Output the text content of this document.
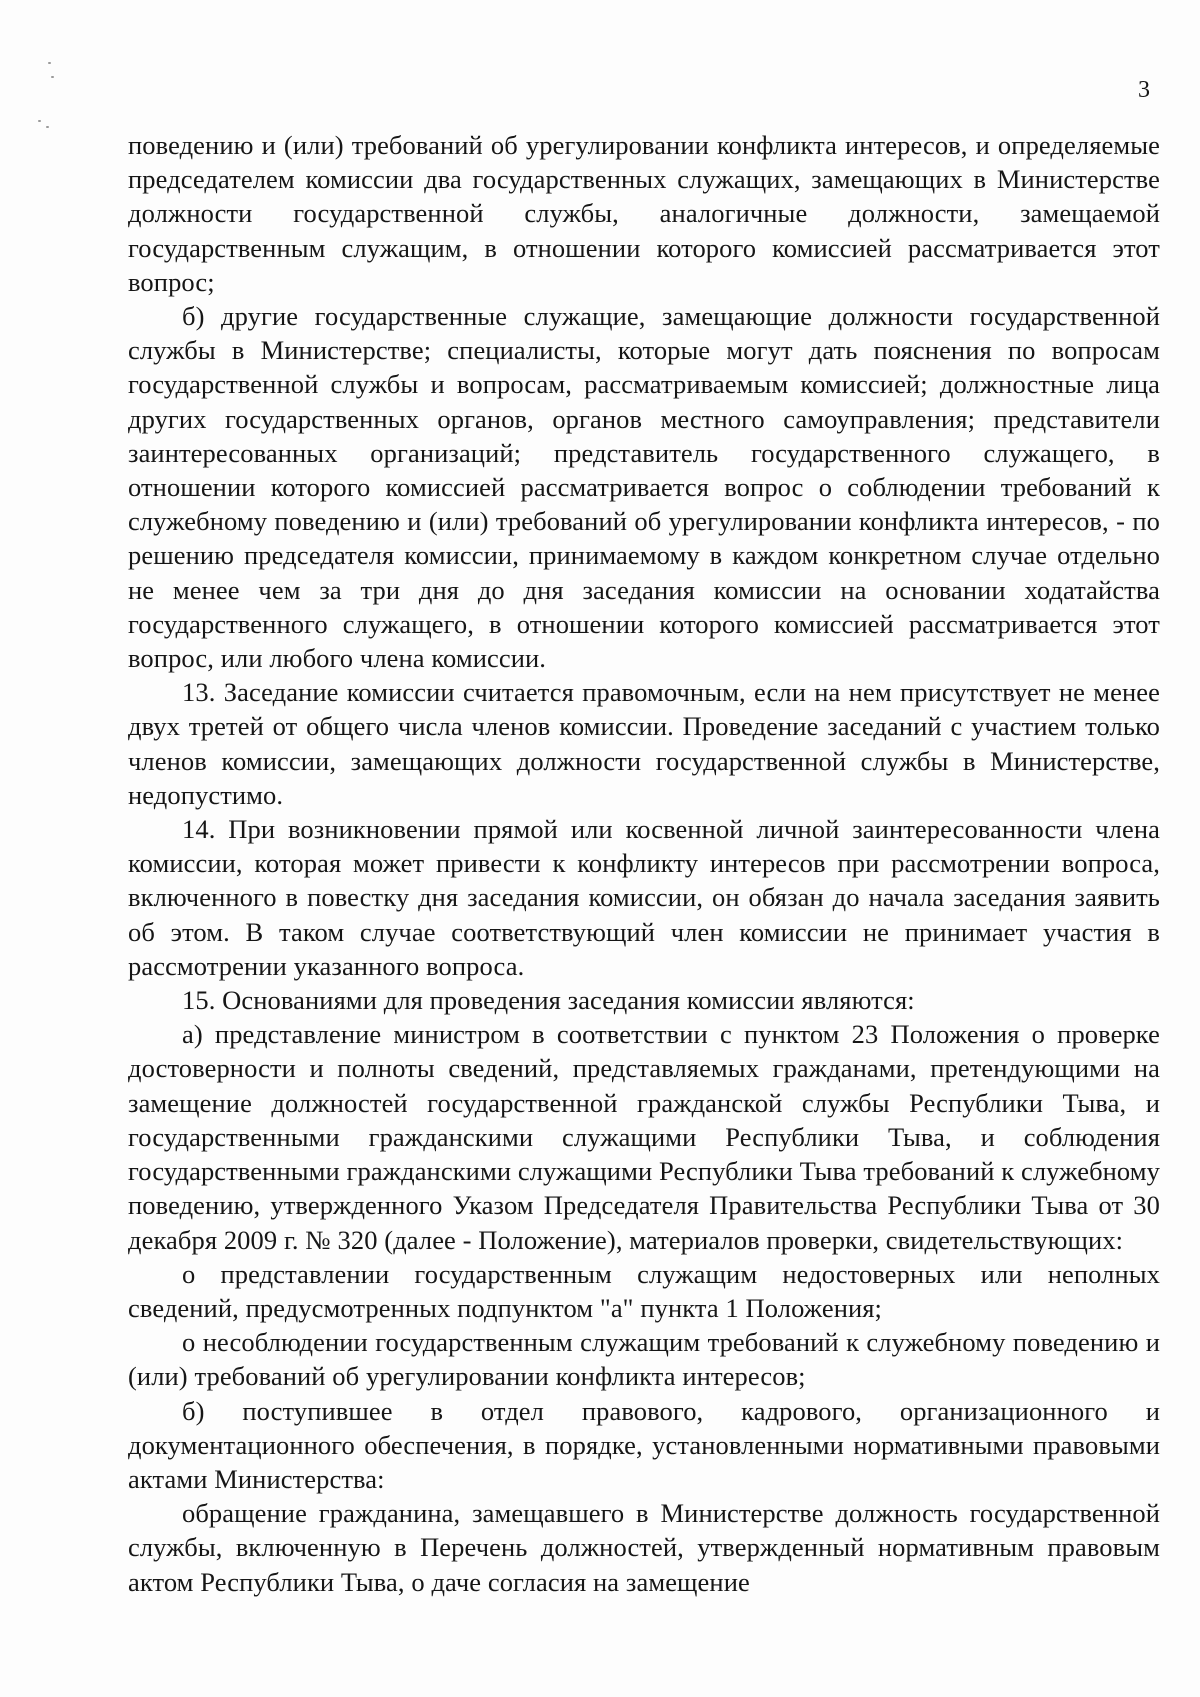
3

поведению и (или) требований об урегулировании конфликта интересов, и определяемые председателем комиссии два государственных служащих, замещающих в Министерстве должности государственной службы, аналогичные должности, замещаемой государственным служащим, в отношении которого комиссией рассматривается этот вопрос;

б) другие государственные служащие, замещающие должности государственной службы в Министерстве; специалисты, которые могут дать пояснения по вопросам государственной службы и вопросам, рассматриваемым комиссией; должностные лица других государственных органов, органов местного самоуправления; представители заинтересованных организаций; представитель государственного служащего, в отношении которого комиссией рассматривается вопрос о соблюдении требований к служебному поведению и (или) требований об урегулировании конфликта интересов, - по решению председателя комиссии, принимаемому в каждом конкретном случае отдельно не менее чем за три дня до дня заседания комиссии на основании ходатайства государственного служащего, в отношении которого комиссией рассматривается этот вопрос, или любого члена комиссии.

13. Заседание комиссии считается правомочным, если на нем присутствует не менее двух третей от общего числа членов комиссии. Проведение заседаний с участием только членов комиссии, замещающих должности государственной службы в Министерстве, недопустимо.

14. При возникновении прямой или косвенной личной заинтересованности члена комиссии, которая может привести к конфликту интересов при рассмотрении вопроса, включенного в повестку дня заседания комиссии, он обязан до начала заседания заявить об этом. В таком случае соответствующий член комиссии не принимает участия в рассмотрении указанного вопроса.

15. Основаниями для проведения заседания комиссии являются:

а) представление министром в соответствии с пунктом 23 Положения о проверке достоверности и полноты сведений, представляемых гражданами, претендующими на замещение должностей государственной гражданской службы Республики Тыва, и государственными гражданскими служащими Республики Тыва, и соблюдения государственными гражданскими служащими Республики Тыва требований к служебному поведению, утвержденного Указом Председателя Правительства Республики Тыва от 30 декабря 2009 г. № 320 (далее - Положение), материалов проверки, свидетельствующих:

о представлении государственным служащим недостоверных или неполных сведений, предусмотренных подпунктом "а" пункта 1 Положения;

о несоблюдении государственным служащим требований к служебному поведению и (или) требований об урегулировании конфликта интересов;

б) поступившее в отдел правового, кадрового, организационного и документационного обеспечения, в порядке, установленными нормативными правовыми актами Министерства:

обращение гражданина, замещавшего в Министерстве должность государственной службы, включенную в Перечень должностей, утвержденный нормативным правовым актом Республики Тыва, о даче согласия на замещение
